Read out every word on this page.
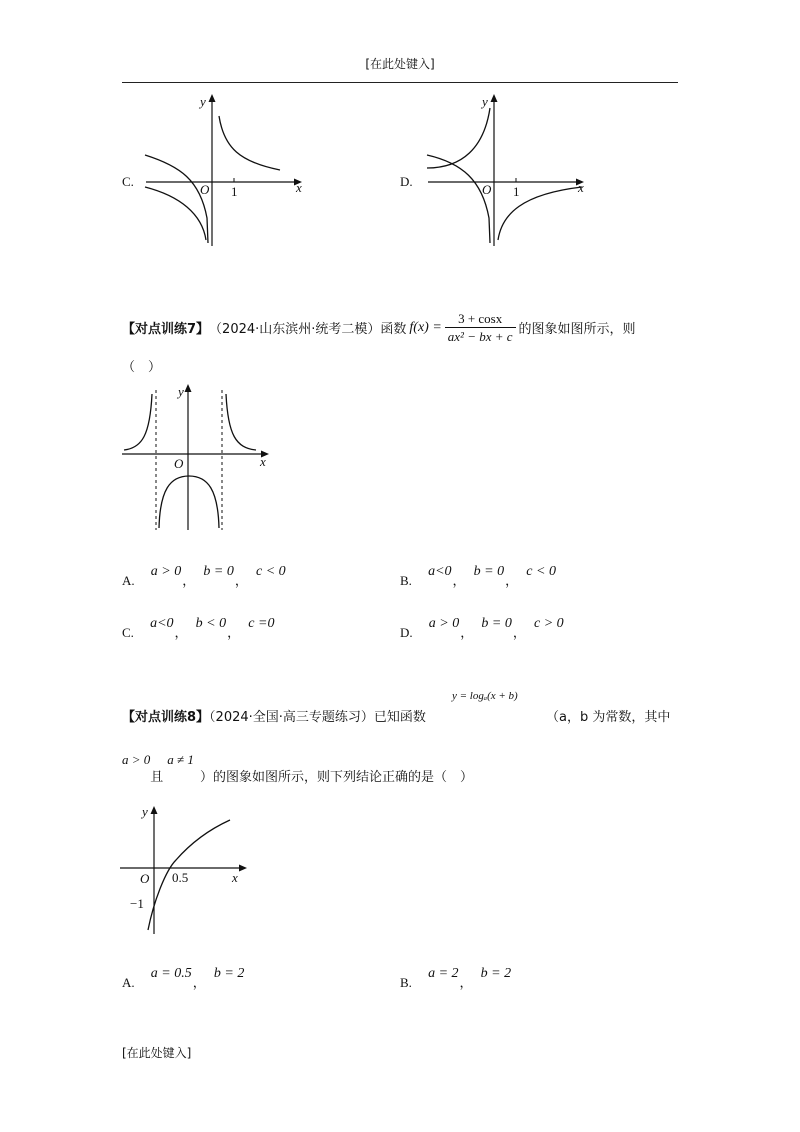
[在此处键入]
C.	x
y
O 1
D.	x
y
O 1
【对点训练7】 （2024·山东滨州·统考二模）函数 $f(x) = \frac{3 + \cos x}{\text{ax² − bx + c}}$ 的图象如图所示，则
（　）
x
y
O
A. a > 0， b = 0， c < 0
B. a<0， b = 0， c < 0
C. a<0， b < 0， c =0
D. a > 0， b = 0， c > 0
【对点训练8】（2024·全国·高三专题练习）已知函数
y = logₐ(x + b)
（a，b 为常数，其中
a > 0
且
a ≠ 1
）的图象如图所示，则下列结论正确的是（　）
x
y
O 0.5
−1
A. a = 0.5， b = 2
B. a = 2， b = 2
[在此处键入]
